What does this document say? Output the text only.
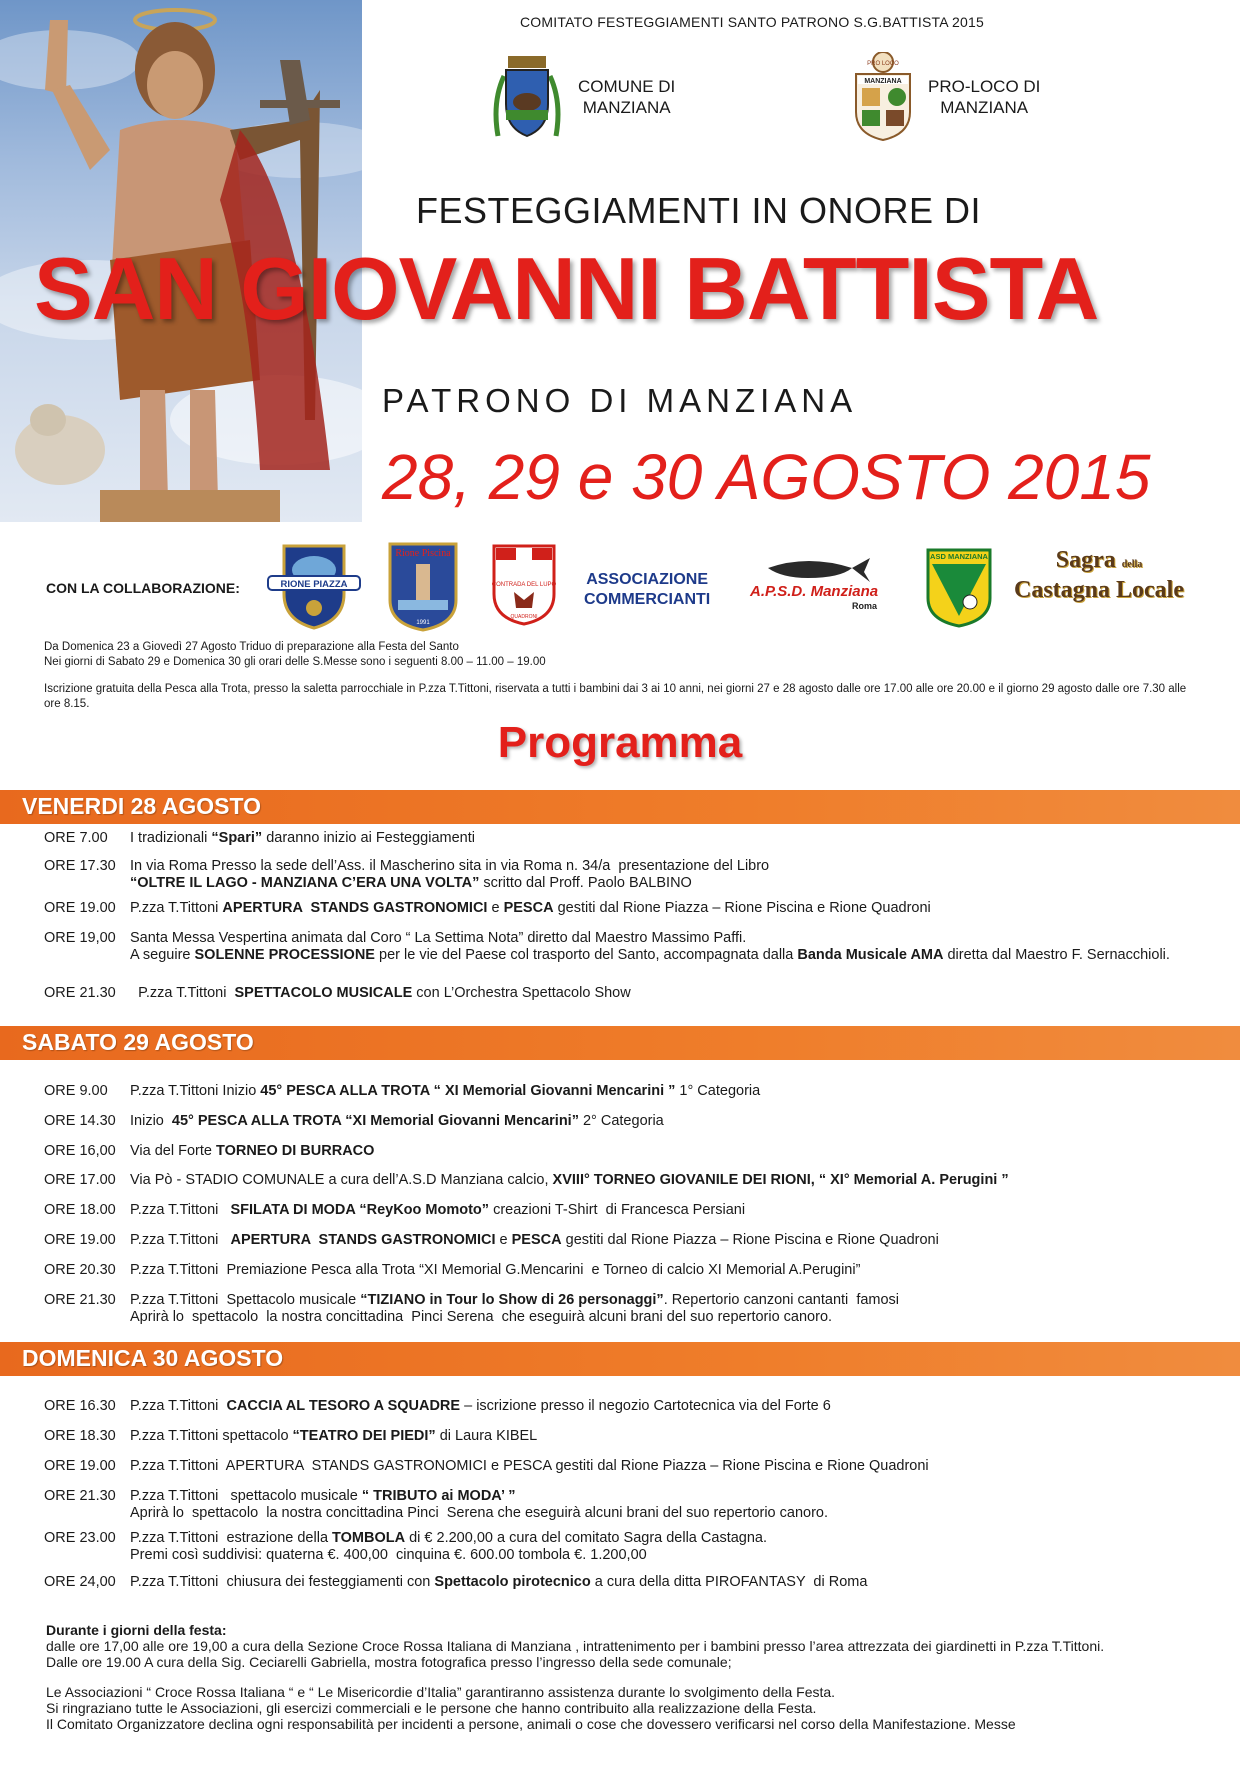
COMITATO FESTEGGIAMENTI SANTO PATRONO S.G.BATTISTA 2015
COMUNE DI
MANZIANA
PRO LOCO
MANZIANA PRO-LOCO DI
MANZIANA
FESTEGGIAMENTI IN ONORE DI
SAN GIOVANNI BATTISTA
PATRONO DI MANZIANA
28, 29 e 30 AGOSTO 2015
CON LA COLLABORAZIONE:	RIONE PIAZZA
Rione Piscina
1991
CONTRADA DEL LUPO
QUADRONI
ASSOCIAZIONE
COMMERCIANTI	A.P.S.D. Manziana
Roma
ASD MANZIANA	Sagra della
Castagna Locale
Da Domenica 23 a Giovedì 27 Agosto Triduo di preparazione alla Festa del Santo
Nei giorni di Sabato 29 e Domenica 30 gli orari delle S.Messe sono i seguenti 8.00 – 11.00 – 19.00
Iscrizione gratuita della Pesca alla Trota, presso la saletta parrocchiale in P.zza T.Tittoni, riservata a tutti i bambini dai 3 ai 10 anni, nei giorni 27 e 28 agosto dalle ore 17.00 alle ore 20.00 e il giorno 29 agosto dalle ore 7.30 alle ore 8.15.
Programma
VENERDI 28 AGOSTO
ORE 7.00 I tradizionali “Spari” daranno inizio ai Festeggiamenti
ORE 17.30 In via Roma Presso la sede dell’Ass. il Mascherino sita in via Roma n. 34/a  presentazione del Libro
“OLTRE IL LAGO - MANZIANA C’ERA UNA VOLTA” scritto dal Proff. Paolo BALBINO
ORE 19.00 P.zza T.Tittoni APERTURA  STANDS GASTRONOMICI e PESCA gestiti dal Rione Piazza – Rione Piscina e Rione Quadroni
ORE 19,00 Santa Messa Vespertina animata dal Coro “ La Settima Nota” diretto dal Maestro Massimo Paffi.
A seguire SOLENNE PROCESSIONE per le vie del Paese col trasporto del Santo, accompagnata dalla Banda Musicale AMA diretta dal Maestro F. Sernacchioli.
ORE 21.30  P.zza T.Tittoni  SPETTACOLO MUSICALE con L’Orchestra Spettacolo Show
SABATO 29 AGOSTO
ORE 9.00 P.zza T.Tittoni Inizio 45° PESCA ALLA TROTA “ XI Memorial Giovanni Mencarini ” 1° Categoria
ORE 14.30 Inizio  45° PESCA ALLA TROTA “XI Memorial Giovanni Mencarini” 2° Categoria
ORE 16,00 Via del Forte TORNEO DI BURRACO
ORE 17.00 Via Pò - STADIO COMUNALE a cura dell’A.S.D Manziana calcio, XVIII° TORNEO GIOVANILE DEI RIONI, “ XI° Memorial A. Perugini ”
ORE 18.00 P.zza T.Tittoni   SFILATA DI MODA “ReyKoo Momoto” creazioni T-Shirt  di Francesca Persiani
ORE 19.00 P.zza T.Tittoni   APERTURA  STANDS GASTRONOMICI e PESCA gestiti dal Rione Piazza – Rione Piscina e Rione Quadroni
ORE 20.30 P.zza T.Tittoni  Premiazione Pesca alla Trota “XI Memorial G.Mencarini  e Torneo di calcio XI Memorial A.Perugini”
ORE 21.30 P.zza T.Tittoni  Spettacolo musicale “TIZIANO in Tour lo Show di 26 personaggi”. Repertorio canzoni cantanti  famosi
Aprirà lo  spettacolo  la nostra concittadina  Pinci Serena  che eseguirà alcuni brani del suo repertorio canoro.
DOMENICA 30 AGOSTO
ORE 16.30 P.zza T.Tittoni  CACCIA AL TESORO A SQUADRE – iscrizione presso il negozio Cartotecnica via del Forte 6
ORE 18.30 P.zza T.Tittoni spettacolo “TEATRO DEI PIEDI” di Laura KIBEL
ORE 19.00 P.zza T.Tittoni  APERTURA  STANDS GASTRONOMICI e PESCA gestiti dal Rione Piazza – Rione Piscina e Rione Quadroni
ORE 21.30 P.zza T.Tittoni   spettacolo musicale “ TRIBUTO ai MODA’ ”
Aprirà lo  spettacolo  la nostra concittadina Pinci  Serena che eseguirà alcuni brani del suo repertorio canoro.
ORE 23.00 P.zza T.Tittoni  estrazione della TOMBOLA di € 2.200,00 a cura del comitato Sagra della Castagna.
Premi così suddivisi: quaterna €. 400,00  cinquina €. 600.00 tombola €. 1.200,00
ORE 24,00 P.zza T.Tittoni  chiusura dei festeggiamenti con Spettacolo pirotecnico a cura della ditta PIROFANTASY  di Roma
Durante i giorni della festa:
dalle ore 17,00 alle ore 19,00 a cura della Sezione Croce Rossa Italiana di Manziana , intrattenimento per i bambini presso l’area attrezzata dei giardinetti in P.zza T.Tittoni.
Dalle ore 19.00 A cura della Sig. Ceciarelli Gabriella, mostra fotografica presso l’ingresso della sede comunale;
Le Associazioni “ Croce Rossa Italiana “ e “ Le Misericordie d’Italia” garantiranno assistenza durante lo svolgimento della Festa.
Si ringraziano tutte le Associazioni, gli esercizi commerciali e le persone che hanno contribuito alla realizzazione della Festa.
Il Comitato Organizzatore declina ogni responsabilità per incidenti a persone, animali o cose che dovessero verificarsi nel corso della Manifestazione. Messe
